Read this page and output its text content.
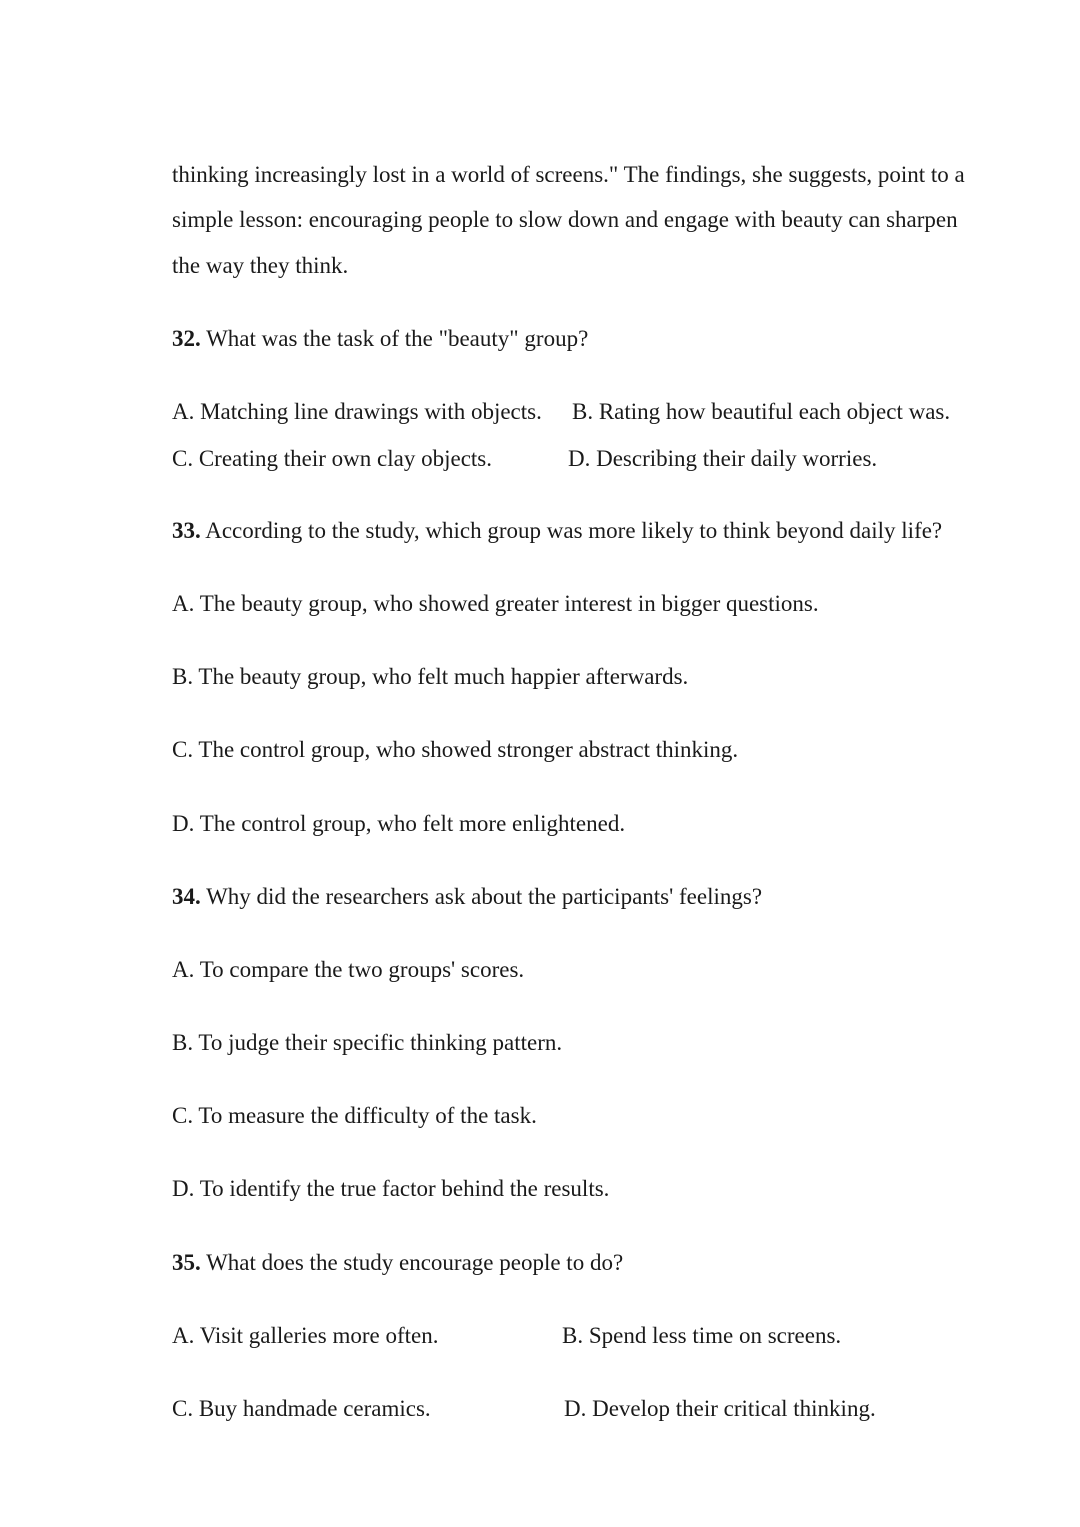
thinking increasingly lost in a world of screens." The findings, she suggests, point to a
simple lesson: encouraging people to slow down and engage with beauty can sharpen
the way they think.
32. What was the task of the "beauty" group?
A. Matching line drawings with objects. B. Rating how beautiful each object was.
C. Creating their own clay objects.	D. Describing their daily worries.
33. According to the study, which group was more likely to think beyond daily life?
A. The beauty group, who showed greater interest in bigger questions.
B. The beauty group, who felt much happier afterwards.
C. The control group, who showed stronger abstract thinking.
D. The control group, who felt more enlightened.
34. Why did the researchers ask about the participants' feelings?
A. To compare the two groups' scores.
B. To judge their specific thinking pattern.
C. To measure the difficulty of the task.
D. To identify the true factor behind the results.
35. What does the study encourage people to do?
A. Visit galleries more often.	B. Spend less time on screens.
C. Buy handmade ceramics.	D. Develop their critical thinking.
